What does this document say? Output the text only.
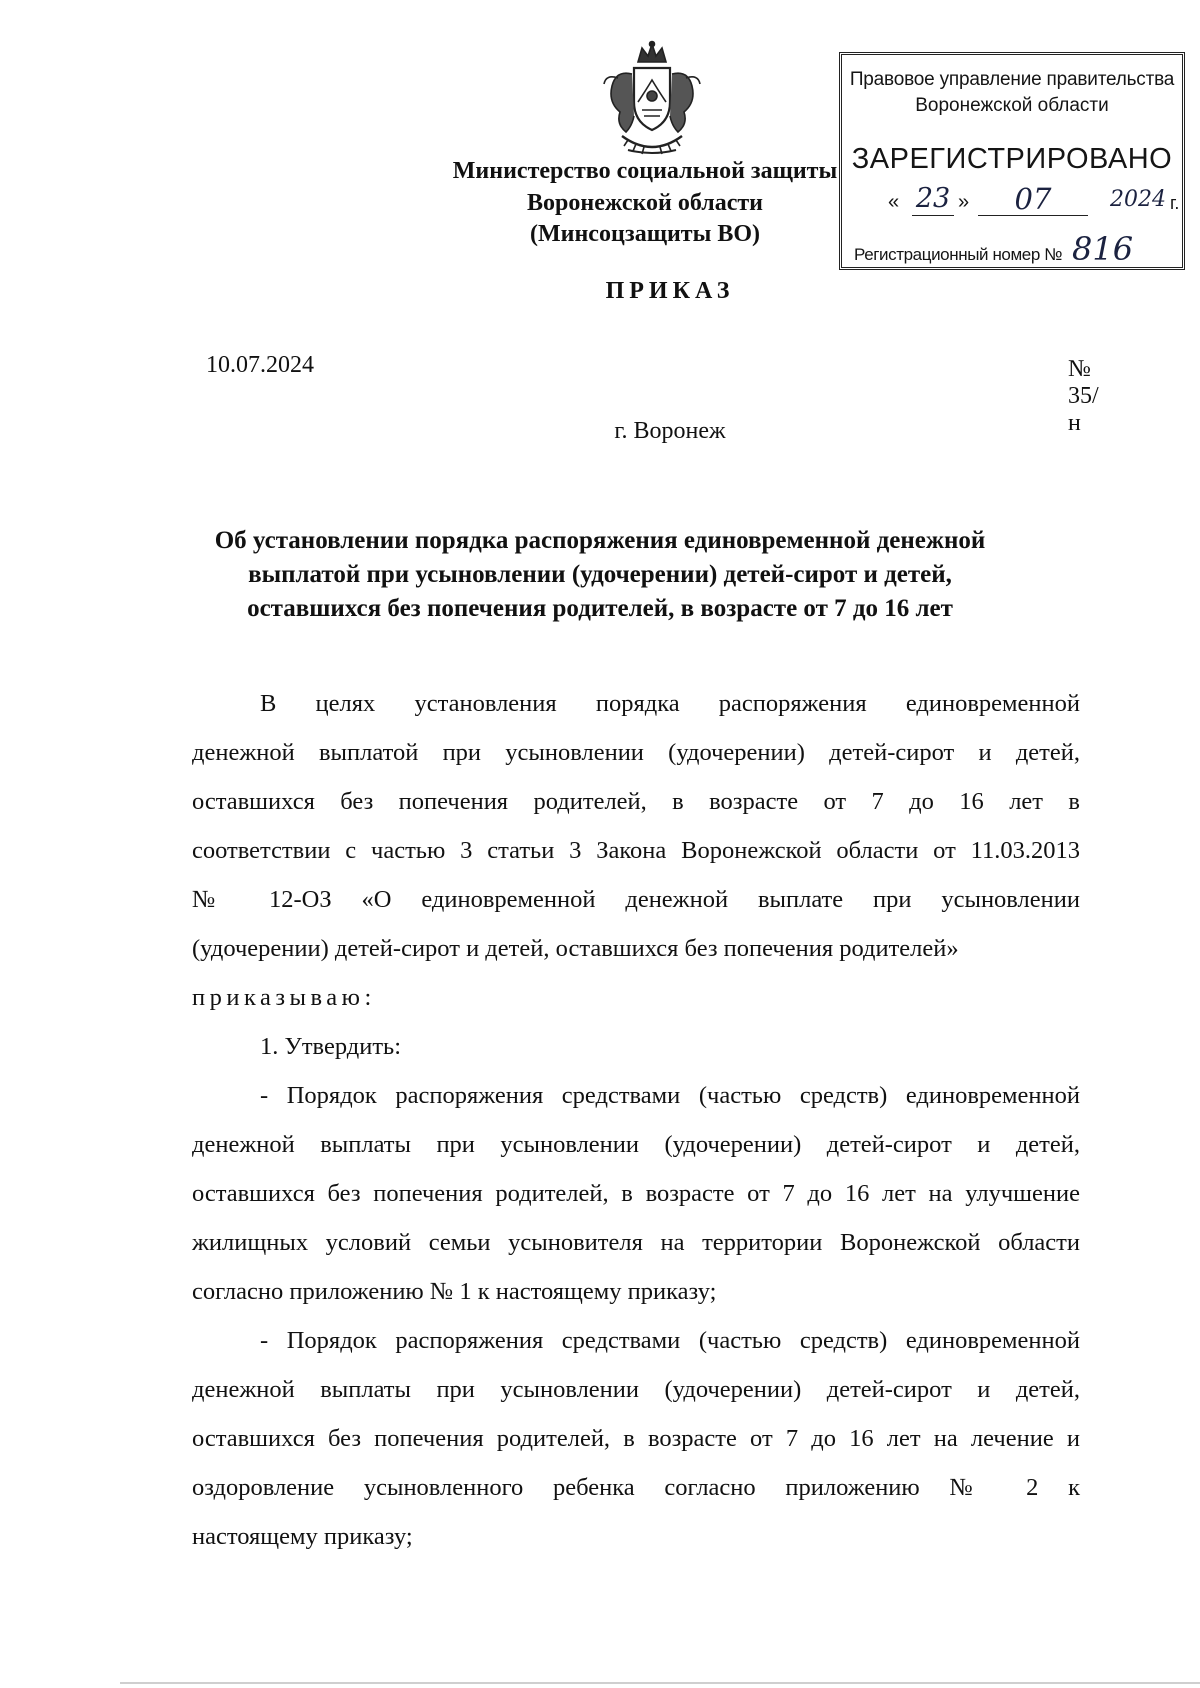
Правовое управление правительства
Воронежской области
ЗАРЕГИСТРИРОВАНО
« 23 »	07	2024 г.
Регистрационный номер № 816
Министерство социальной защиты
Воронежской области
(Минсоцзащиты ВО)
ПРИКАЗ
10.07.2024	№ 35/н
г. Воронеж
Об установлении порядка распоряжения единовременной денежной
выплатой при усыновлении (удочерении) детей-сирот и детей,
оставшихся без попечения родителей, в возрасте от 7 до 16 лет
В целях установления порядка распоряжения единовременной
денежной выплатой при усыновлении (удочерении) детей-сирот и детей,
оставшихся без попечения родителей, в возрасте от 7 до 16 лет в
соответствии с частью 3 статьи 3 Закона Воронежской области от 11.03.2013
№ 12-ОЗ «О единовременной денежной выплате при усыновлении
(удочерении) детей-сирот и детей, оставшихся без попечения родителей»
приказываю:
1. Утвердить:
- Порядок распоряжения средствами (частью средств) единовременной
денежной выплаты при усыновлении (удочерении) детей-сирот и детей,
оставшихся без попечения родителей, в возрасте от 7 до 16 лет на улучшение
жилищных условий семьи усыновителя на территории Воронежской области
согласно приложению № 1 к настоящему приказу;
- Порядок распоряжения средствами (частью средств) единовременной
денежной выплаты при усыновлении (удочерении) детей-сирот и детей,
оставшихся без попечения родителей, в возрасте от 7 до 16 лет на лечение и
оздоровление усыновленного ребенка согласно приложению № 2 к
настоящему приказу;
